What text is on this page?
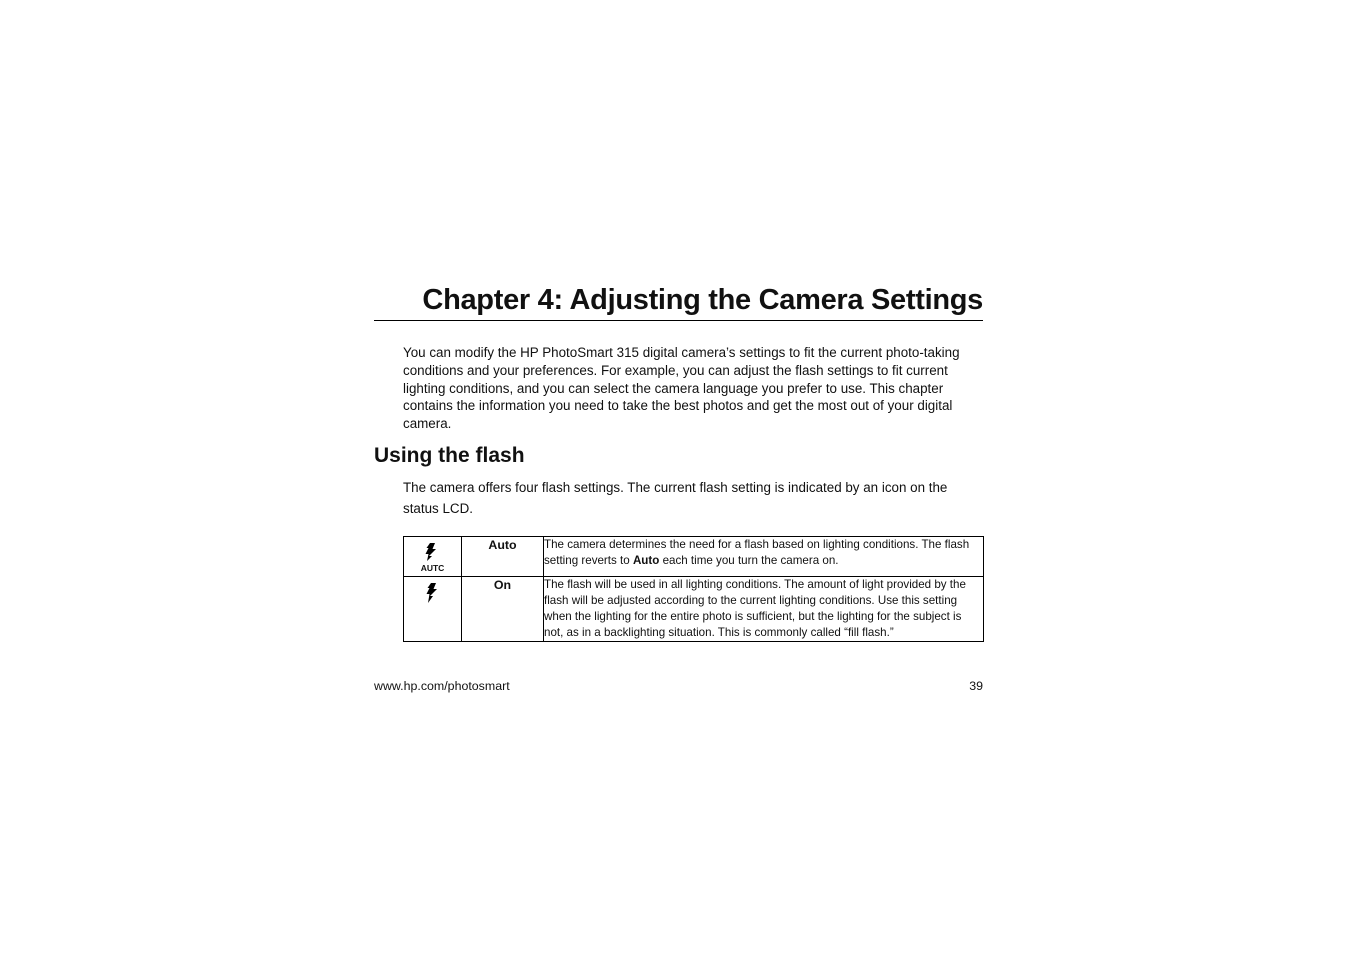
Chapter 4: Adjusting the Camera Settings

You can modify the HP PhotoSmart 315 digital camera’s settings to fit the current photo-taking conditions and your preferences. For example, you can adjust the flash settings to fit current lighting conditions, and you can select the camera language you prefer to use. This chapter contains the information you need to take the best photos and get the most out of your digital camera.

Using the flash

The camera offers four flash settings. The current flash setting is indicated by an icon on the status LCD.

AUTC	Auto	The camera determines the need for a flash based on lighting conditions. The flash setting reverts to Auto each time you turn the camera on.
	On	The flash will be used in all lighting conditions. The amount of light provided by the flash will be adjusted according to the current lighting conditions. Use this setting when the lighting for the entire photo is sufficient, but the lighting for the subject is not, as in a backlighting situation. This is commonly called “fill flash.”

www.hp.com/photosmart	39
